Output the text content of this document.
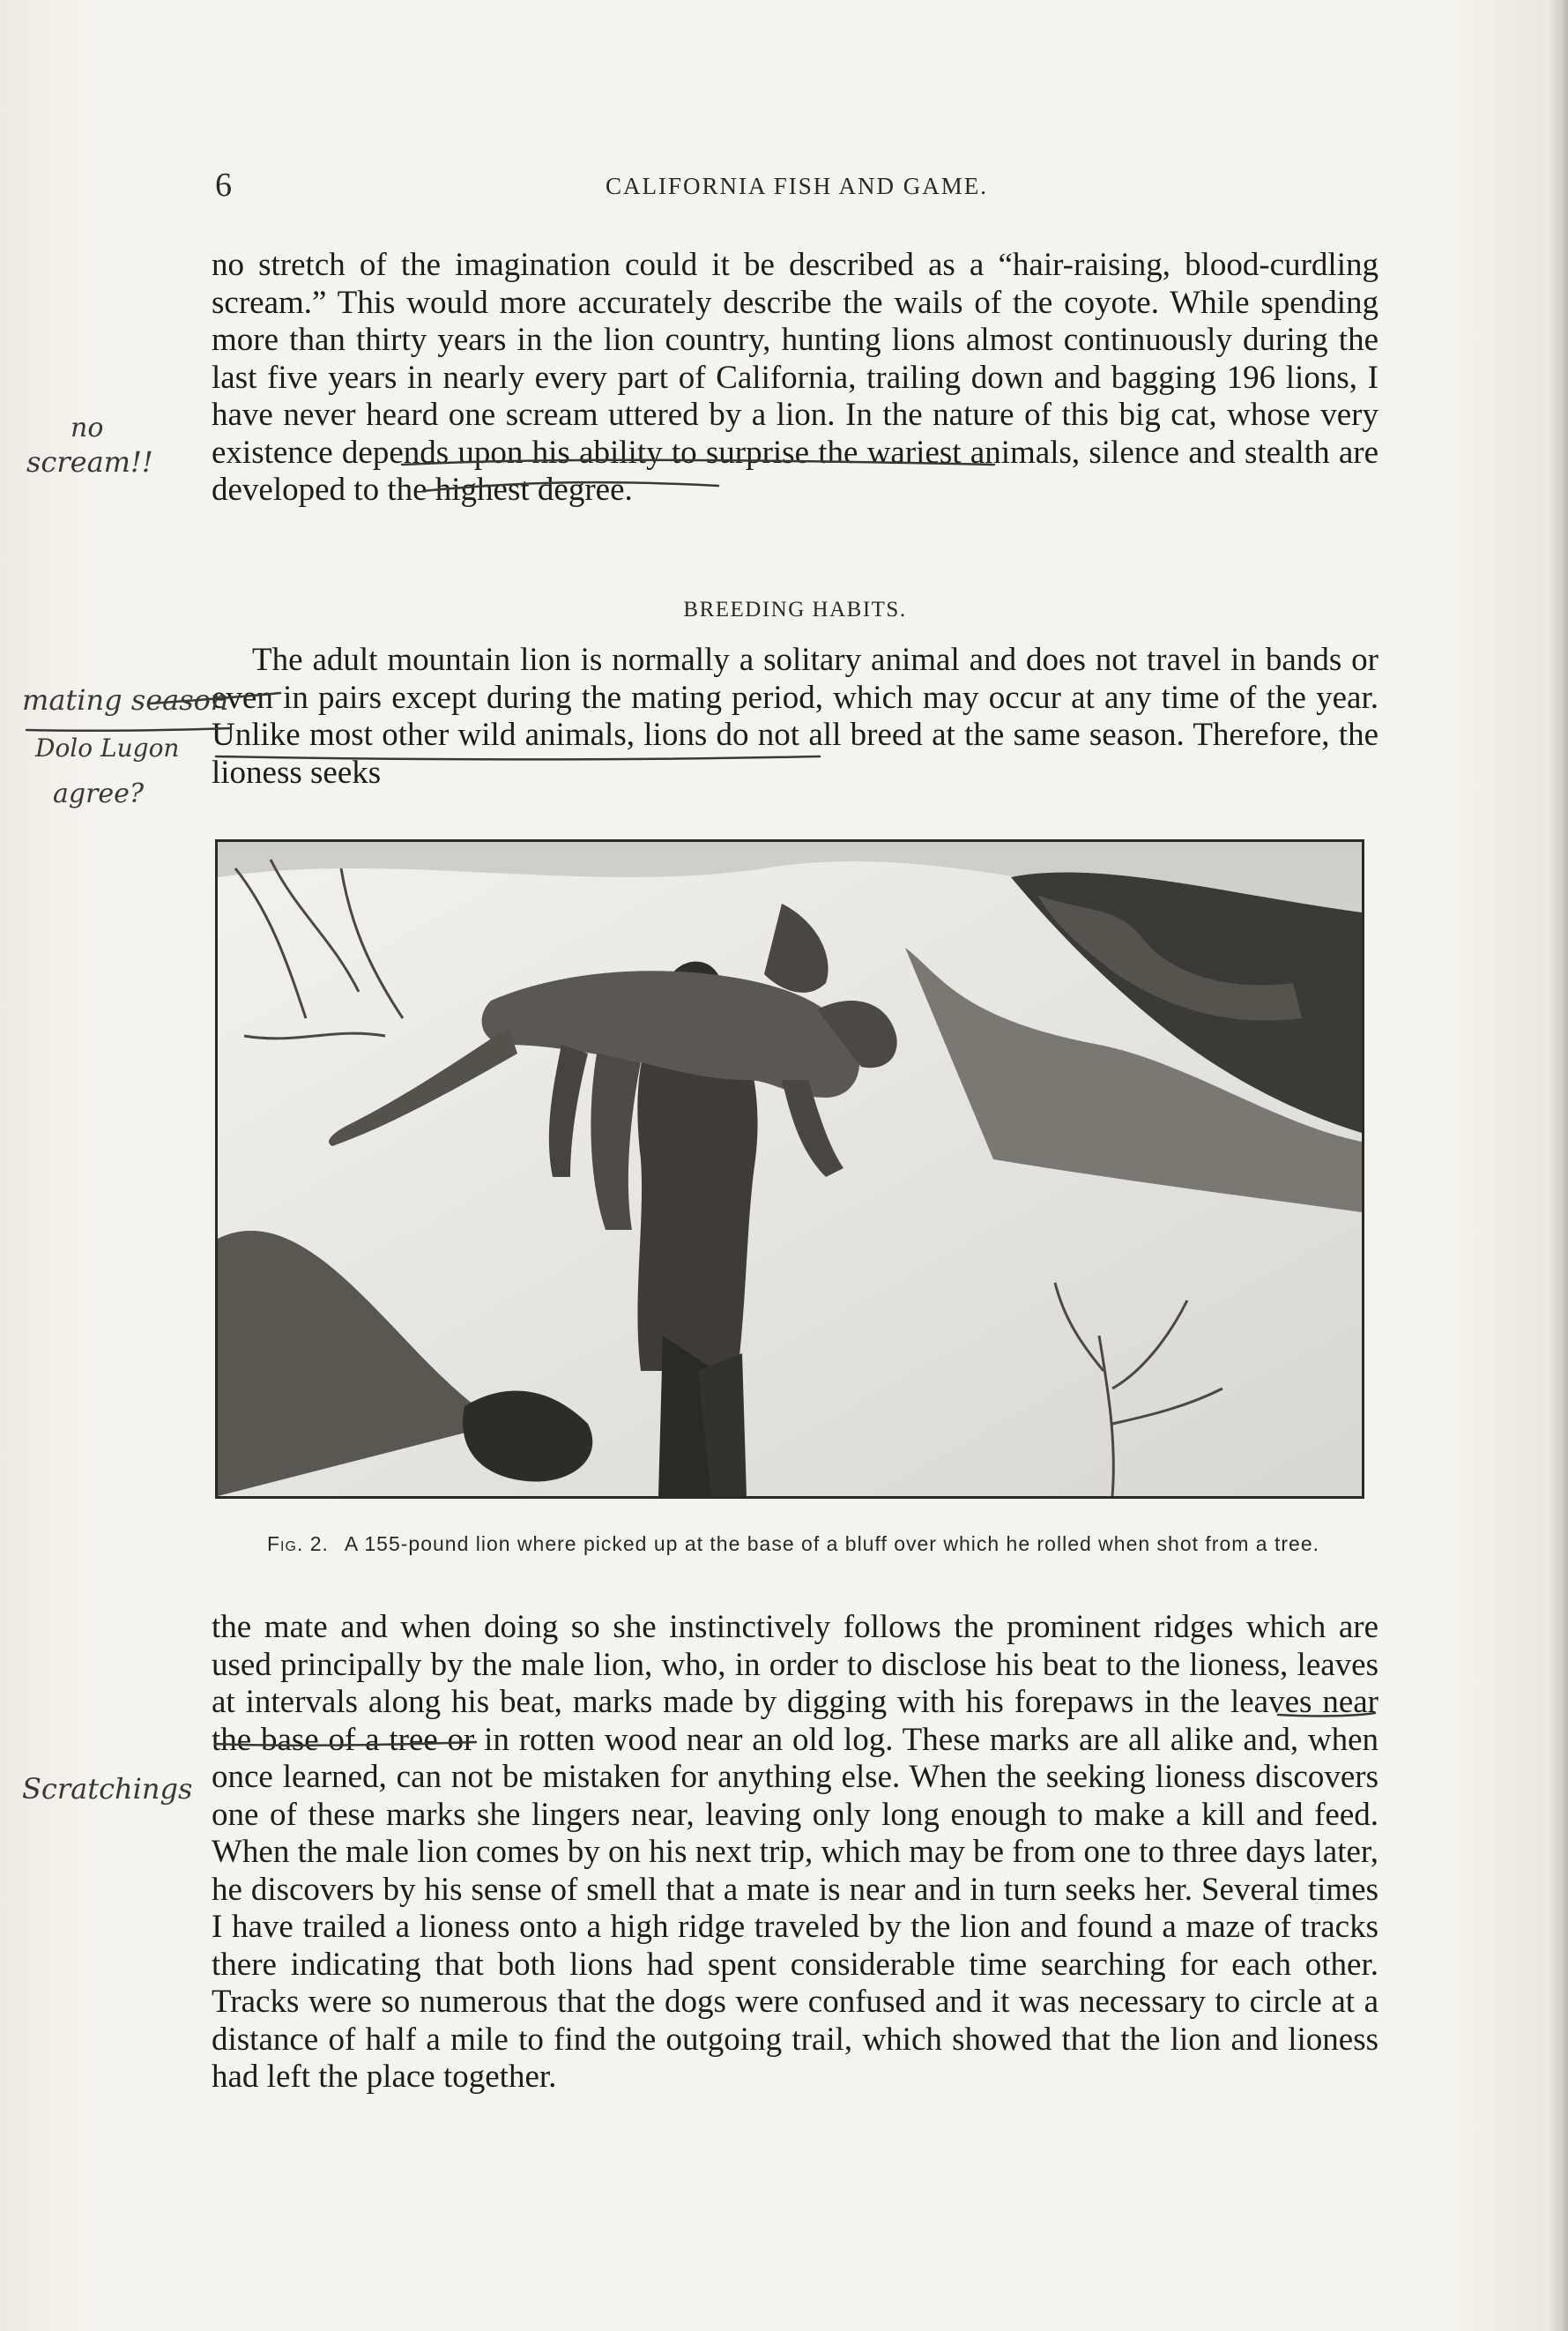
6	CALIFORNIA FISH AND GAME.

no stretch of the imagination could it be described as a “hair-raising, blood-curdling scream.” This would more accurately describe the wails of the coyote. While spending more than thirty years in the lion country, hunting lions almost continuously during the last five years in nearly every part of California, trailing down and bagging 196 lions, I have never heard one scream uttered by a lion. In the nature of this big cat, whose very existence depends upon his ability to surprise the wariest animals, silence and stealth are developed to the highest degree.

BREEDING HABITS.

The adult mountain lion is normally a solitary animal and does not travel in bands or even in pairs except during the mating period, which may occur at any time of the year. Unlike most other wild animals, lions do not all breed at the same season. Therefore, the lioness seeks

Fig. 2. A 155-pound lion where picked up at the base of a bluff over which he rolled when shot from a tree.

the mate and when doing so she instinctively follows the prominent ridges which are used principally by the male lion, who, in order to disclose his beat to the lioness, leaves at intervals along his beat, marks made by digging with his forepaws in the leaves near the base of a tree or in rotten wood near an old log. These marks are all alike and, when once learned, can not be mistaken for anything else. When the seeking lioness discovers one of these marks she lingers near, leaving only long enough to make a kill and feed. When the male lion comes by on his next trip, which may be from one to three days later, he discovers by his sense of smell that a mate is near and in turn seeks her. Several times I have trailed a lioness onto a high ridge traveled by the lion and found a maze of tracks there indicating that both lions had spent considerable time searching for each other. Tracks were so numerous that the dogs were confused and it was necessary to circle at a distance of half a mile to find the outgoing trail, which showed that the lion and lioness had left the place together.

no
scream!!
mating season
Dolo Lugon
agree?
Scratchings
